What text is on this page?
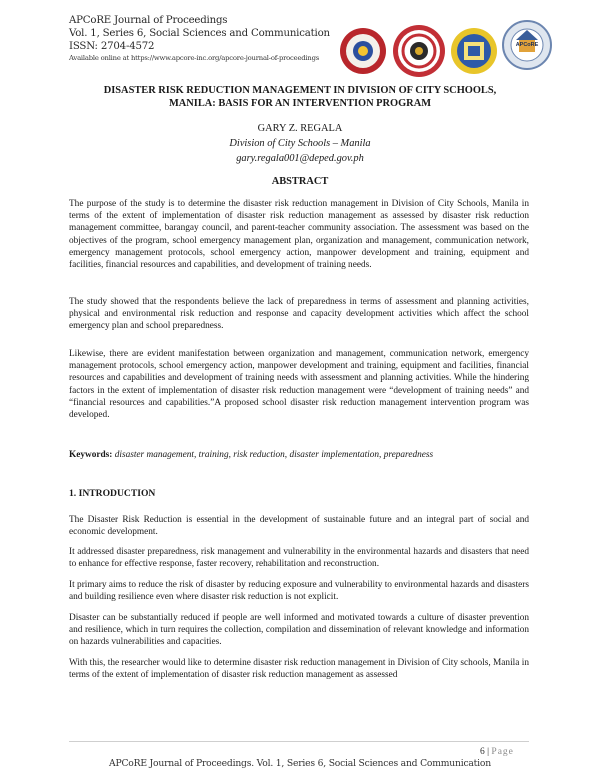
APCoRE Journal of Proceedings
Vol. 1, Series 6, Social Sciences and Communication
ISSN: 2704-4572
Available online at https://www.apcore-inc.org/apcore-journal-of-proceedings
APCoRE
DISASTER RISK REDUCTION MANAGEMENT IN DIVISION OF CITY SCHOOLS,
MANILA: BASIS FOR AN INTERVENTION PROGRAM
GARY Z. REGALA
Division of City Schools – Manila
gary.regala001@deped.gov.ph
ABSTRACT
The purpose of the study is to determine the disaster risk reduction management in Division of City Schools, Manila in terms of the extent of implementation of disaster risk reduction management as assessed by disaster risk reduction management committee, barangay council, and parent-teacher community association. The assessment was based on the objectives of the program, school emergency management plan, organization and management, communication network, emergency management protocols, school emergency action, manpower development and training, equipment and facilities, financial resources and capabilities, and development of training needs.
The study showed that the respondents believe the lack of preparedness in terms of assessment and planning activities, physical and environmental risk reduction and response and capacity development activities which affect the school emergency plan and school preparedness.
Likewise, there are evident manifestation between organization and management, communication network, emergency management protocols, school emergency action, manpower development and training, equipment and facilities, financial resources and capabilities and development of training needs with assessment and planning activities. While the hindering factors in the extent of implementation of disaster risk reduction management were “development of training needs” and “financial resources and capabilities.”A proposed school disaster risk reduction management intervention program was developed.
Keywords: disaster management, training, risk reduction, disaster implementation, preparedness
1. INTRODUCTION
The Disaster Risk Reduction is essential in the development of sustainable future and an integral part of social and economic development.
It addressed disaster preparedness, risk management and vulnerability in the environmental hazards and disasters that need to enhance for effective response, faster recovery, rehabilitation and reconstruction.
It primary aims to reduce the risk of disaster by reducing exposure and vulnerability to environmental hazards and disasters and building resilience even where disaster risk reduction is not explicit.
Disaster can be substantially reduced if people are well informed and motivated towards a culture of disaster prevention and resilience, which in turn requires the collection, compilation and dissemination of relevant knowledge and information on hazards vulnerabilities and capacities.
With this, the researcher would like to determine disaster risk reduction management in Division of City schools, Manila in terms of the extent of implementation of disaster risk reduction management as assessed
6 | Page
APCoRE Journal of Proceedings. Vol. 1, Series 6, Social Sciences and Communication
